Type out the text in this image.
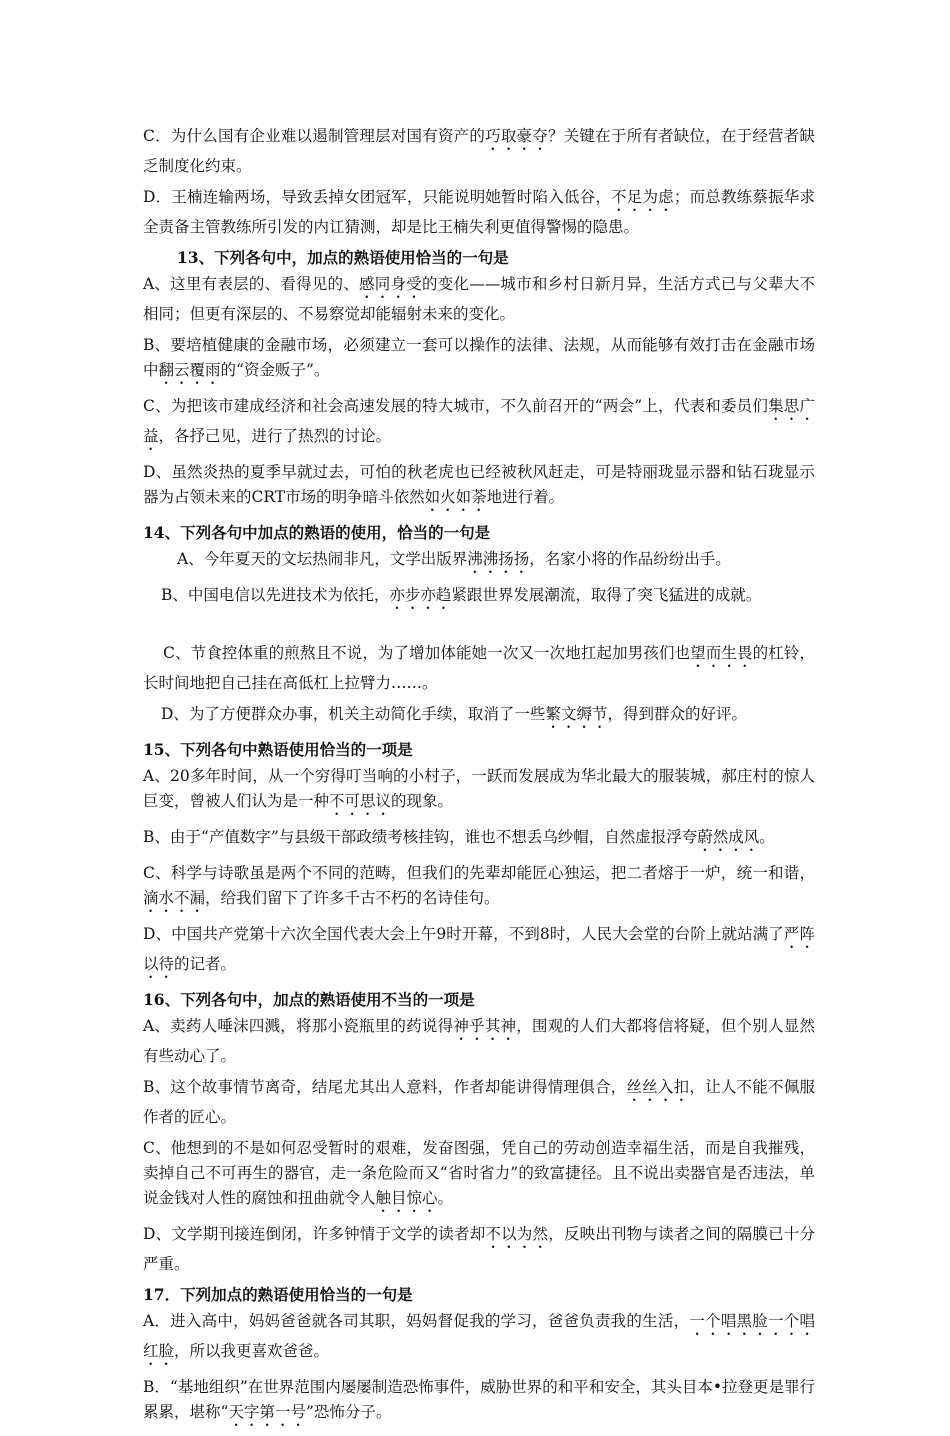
C．为什么国有企业难以遏制管理层对国有资产的巧取豪夺？关键在于所有者缺位，在于经营者缺乏制度化约束。

D．王楠连输两场，导致丢掉女团冠军，只能说明她暂时陷入低谷，不足为虑；而总教练蔡振华求全责备主管教练所引发的内讧猜测，却是比王楠失利更值得警惕的隐患。

13、下列各句中，加点的熟语使用恰当的一句是

A、这里有表层的、看得见的、感同身受的变化——城市和乡村日新月异，生活方式已与父辈大不相同；但更有深层的、不易察觉却能辐射未来的变化。

B、要培植健康的金融市场，必须建立一套可以操作的法律、法规，从而能够有效打击在金融市场中翻云覆雨的“资金贩子”。

C、为把该市建成经济和社会高速发展的特大城市，不久前召开的“两会”上，代表和委员们集思广益，各抒己见，进行了热烈的讨论。

D、虽然炎热的夏季早就过去，可怕的秋老虎也已经被秋风赶走，可是特丽珑显示器和钻石珑显示器为占领未来的CRT市场的明争暗斗依然如火如荼地进行着。

14、下列各句中加点的熟语的使用，恰当的一句是

A、今年夏天的文坛热闹非凡，文学出版界沸沸扬扬，名家小将的作品纷纷出手。

B、中国电信以先进技术为依托，亦步亦趋紧跟世界发展潮流，取得了突飞猛进的成就。

C、节食控体重的煎熬且不说，为了增加体能她一次又一次地扛起加男孩们也望而生畏的杠铃，长时间地把自己挂在高低杠上拉臂力……。

D、为了方便群众办事，机关主动简化手续，取消了一些繁文缛节，得到群众的好评。

15、下列各句中熟语使用恰当的一项是

A、20多年时间，从一个穷得叮当响的小村子，一跃而发展成为华北最大的服装城，郝庄村的惊人巨变，曾被人们认为是一种不可思议的现象。

B、由于“产值数字”与县级干部政绩考核挂钩，谁也不想丢乌纱帽，自然虚报浮夸蔚然成风。

C、科学与诗歌虽是两个不同的范畴，但我们的先辈却能匠心独运，把二者熔于一炉，统一和谐，滴水不漏，给我们留下了许多千古不朽的名诗佳句。

D、中国共产党第十六次全国代表大会上午9时开幕，不到8时，人民大会堂的台阶上就站满了严阵以待的记者。

16、下列各句中，加点的熟语使用不当的一项是

A、卖药人唾沫四溅，将那小瓷瓶里的药说得神乎其神，围观的人们大都将信将疑，但个别人显然有些动心了。

B、这个故事情节离奇，结尾尤其出人意料，作者却能讲得情理俱合，丝丝入扣，让人不能不佩服作者的匠心。

C、他想到的不是如何忍受暂时的艰难，发奋图强，凭自己的劳动创造幸福生活，而是自我摧残，卖掉自己不可再生的器官，走一条危险而又“省时省力”的致富捷径。且不说出卖器官是否违法，单说金钱对人性的腐蚀和扭曲就令人触目惊心。

D、文学期刊接连倒闭，许多钟情于文学的读者却不以为然，反映出刊物与读者之间的隔膜已十分严重。

17．下列加点的熟语使用恰当的一句是

A．进入高中，妈妈爸爸就各司其职，妈妈督促我的学习，爸爸负责我的生活，一个唱黑脸一个唱红脸，所以我更喜欢爸爸。

B．“基地组织”在世界范围内屡屡制造恐怖事件，威胁世界的和平和安全，其头目本•拉登更是罪行累累，堪称“天字第一号”恐怖分子。
